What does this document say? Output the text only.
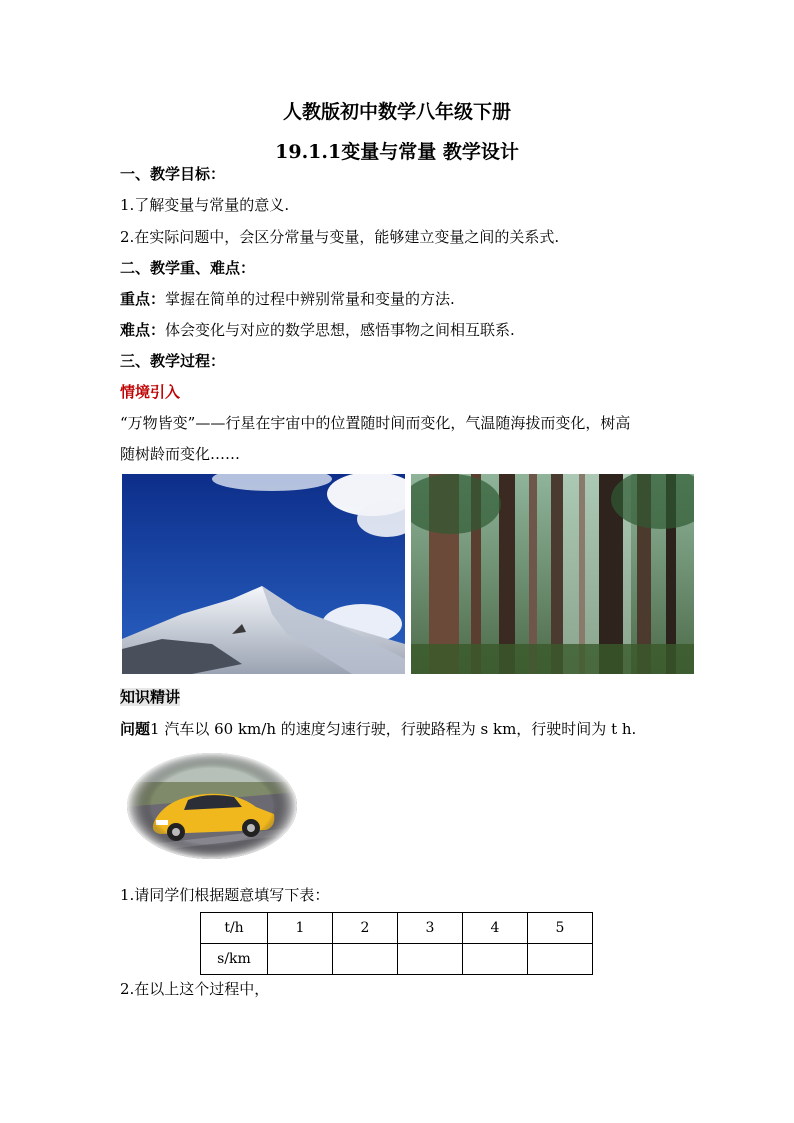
人教版初中数学八年级下册
19.1.1变量与常量 教学设计
一、教学目标：
1.了解变量与常量的意义.
2.在实际问题中，会区分常量与变量，能够建立变量之间的关系式.
二、教学重、难点：
重点：掌握在简单的过程中辨别常量和变量的方法.
难点：体会变化与对应的数学思想，感悟事物之间相互联系.
三、教学过程：
情境引入
“万物皆变”——行星在宇宙中的位置随时间而变化，气温随海拔而变化，树高
随树龄而变化……
知识精讲
问题1 汽车以 60 km/h 的速度匀速行驶，行驶路程为 s km，行驶时间为 t h.
1.请同学们根据题意填写下表：
t/h	1	2	3	4	5
s/km					
2.在以上这个过程中，
